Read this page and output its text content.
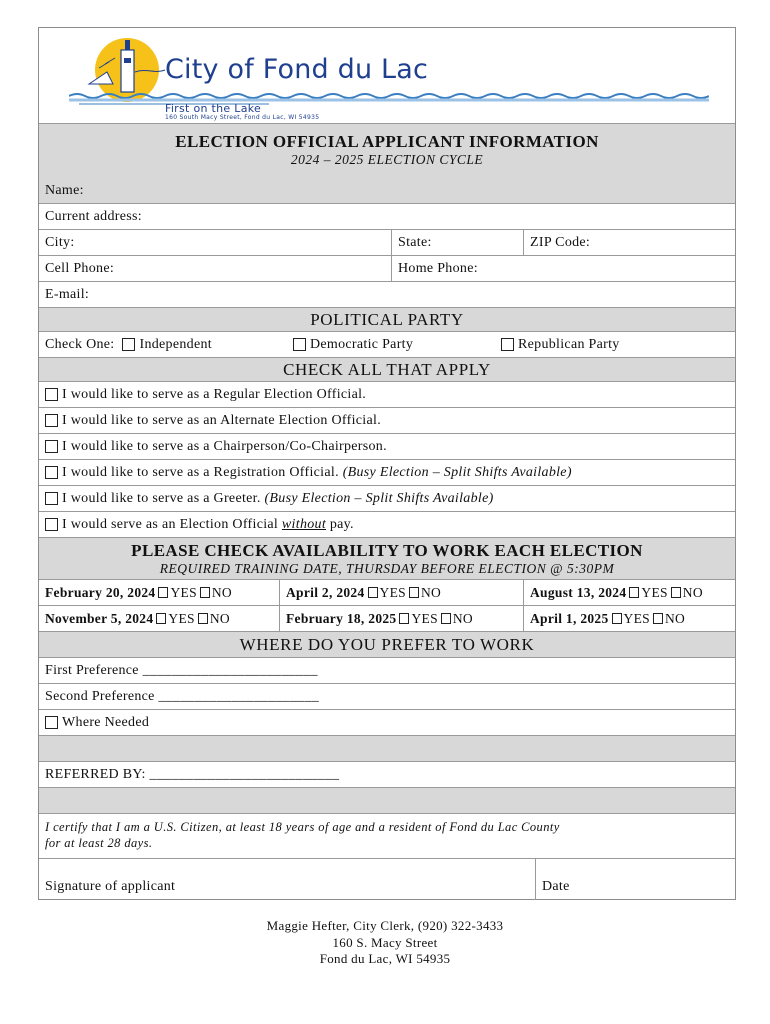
City of Fond du Lac
First on the Lake
160 South Macy Street, Fond du Lac, WI 54935
ELECTION OFFICIAL APPLICANT INFORMATION
2024 – 2025 ELECTION CYCLE
Name:
Current address:
City:	State:	ZIP Code:
Cell Phone:	Home Phone:
E-mail:
POLITICAL PARTY
Check One: Independent	Democratic Party	Republican Party
CHECK ALL THAT APPLY
I would like to serve as a Regular Election Official.
I would like to serve as an Alternate Election Official.
I would like to serve as a Chairperson/Co-Chairperson.
I would like to serve as a Registration Official.
(Busy Election – Split Shifts Available)
I would like to serve as a Greeter.
(Busy Election – Split Shifts Available)
I would serve as an Election Official
without
pay.
PLEASE CHECK AVAILABILITY TO WORK EACH ELECTION
REQUIRED TRAINING DATE, THURSDAY BEFORE ELECTION @ 5:30PM
February 20, 2024 YES NO	April 2, 2024 YES NO	August 13, 2024 YES NO
November 5, 2024 YES NO	February 18, 2025 YES NO	April 1, 2025 YES NO
WHERE DO YOU PREFER TO WORK
First Preference ________________________
Second Preference ______________________
Where Needed
REFERRED BY: __________________________
I certify that I am a U.S. Citizen, at least 18 years of age and a resident of Fond du Lac County
for at least 28 days.
Signature of applicant	Date
Maggie Hefter, City Clerk, (920) 322-3433
160 S. Macy Street
Fond du Lac, WI 54935
